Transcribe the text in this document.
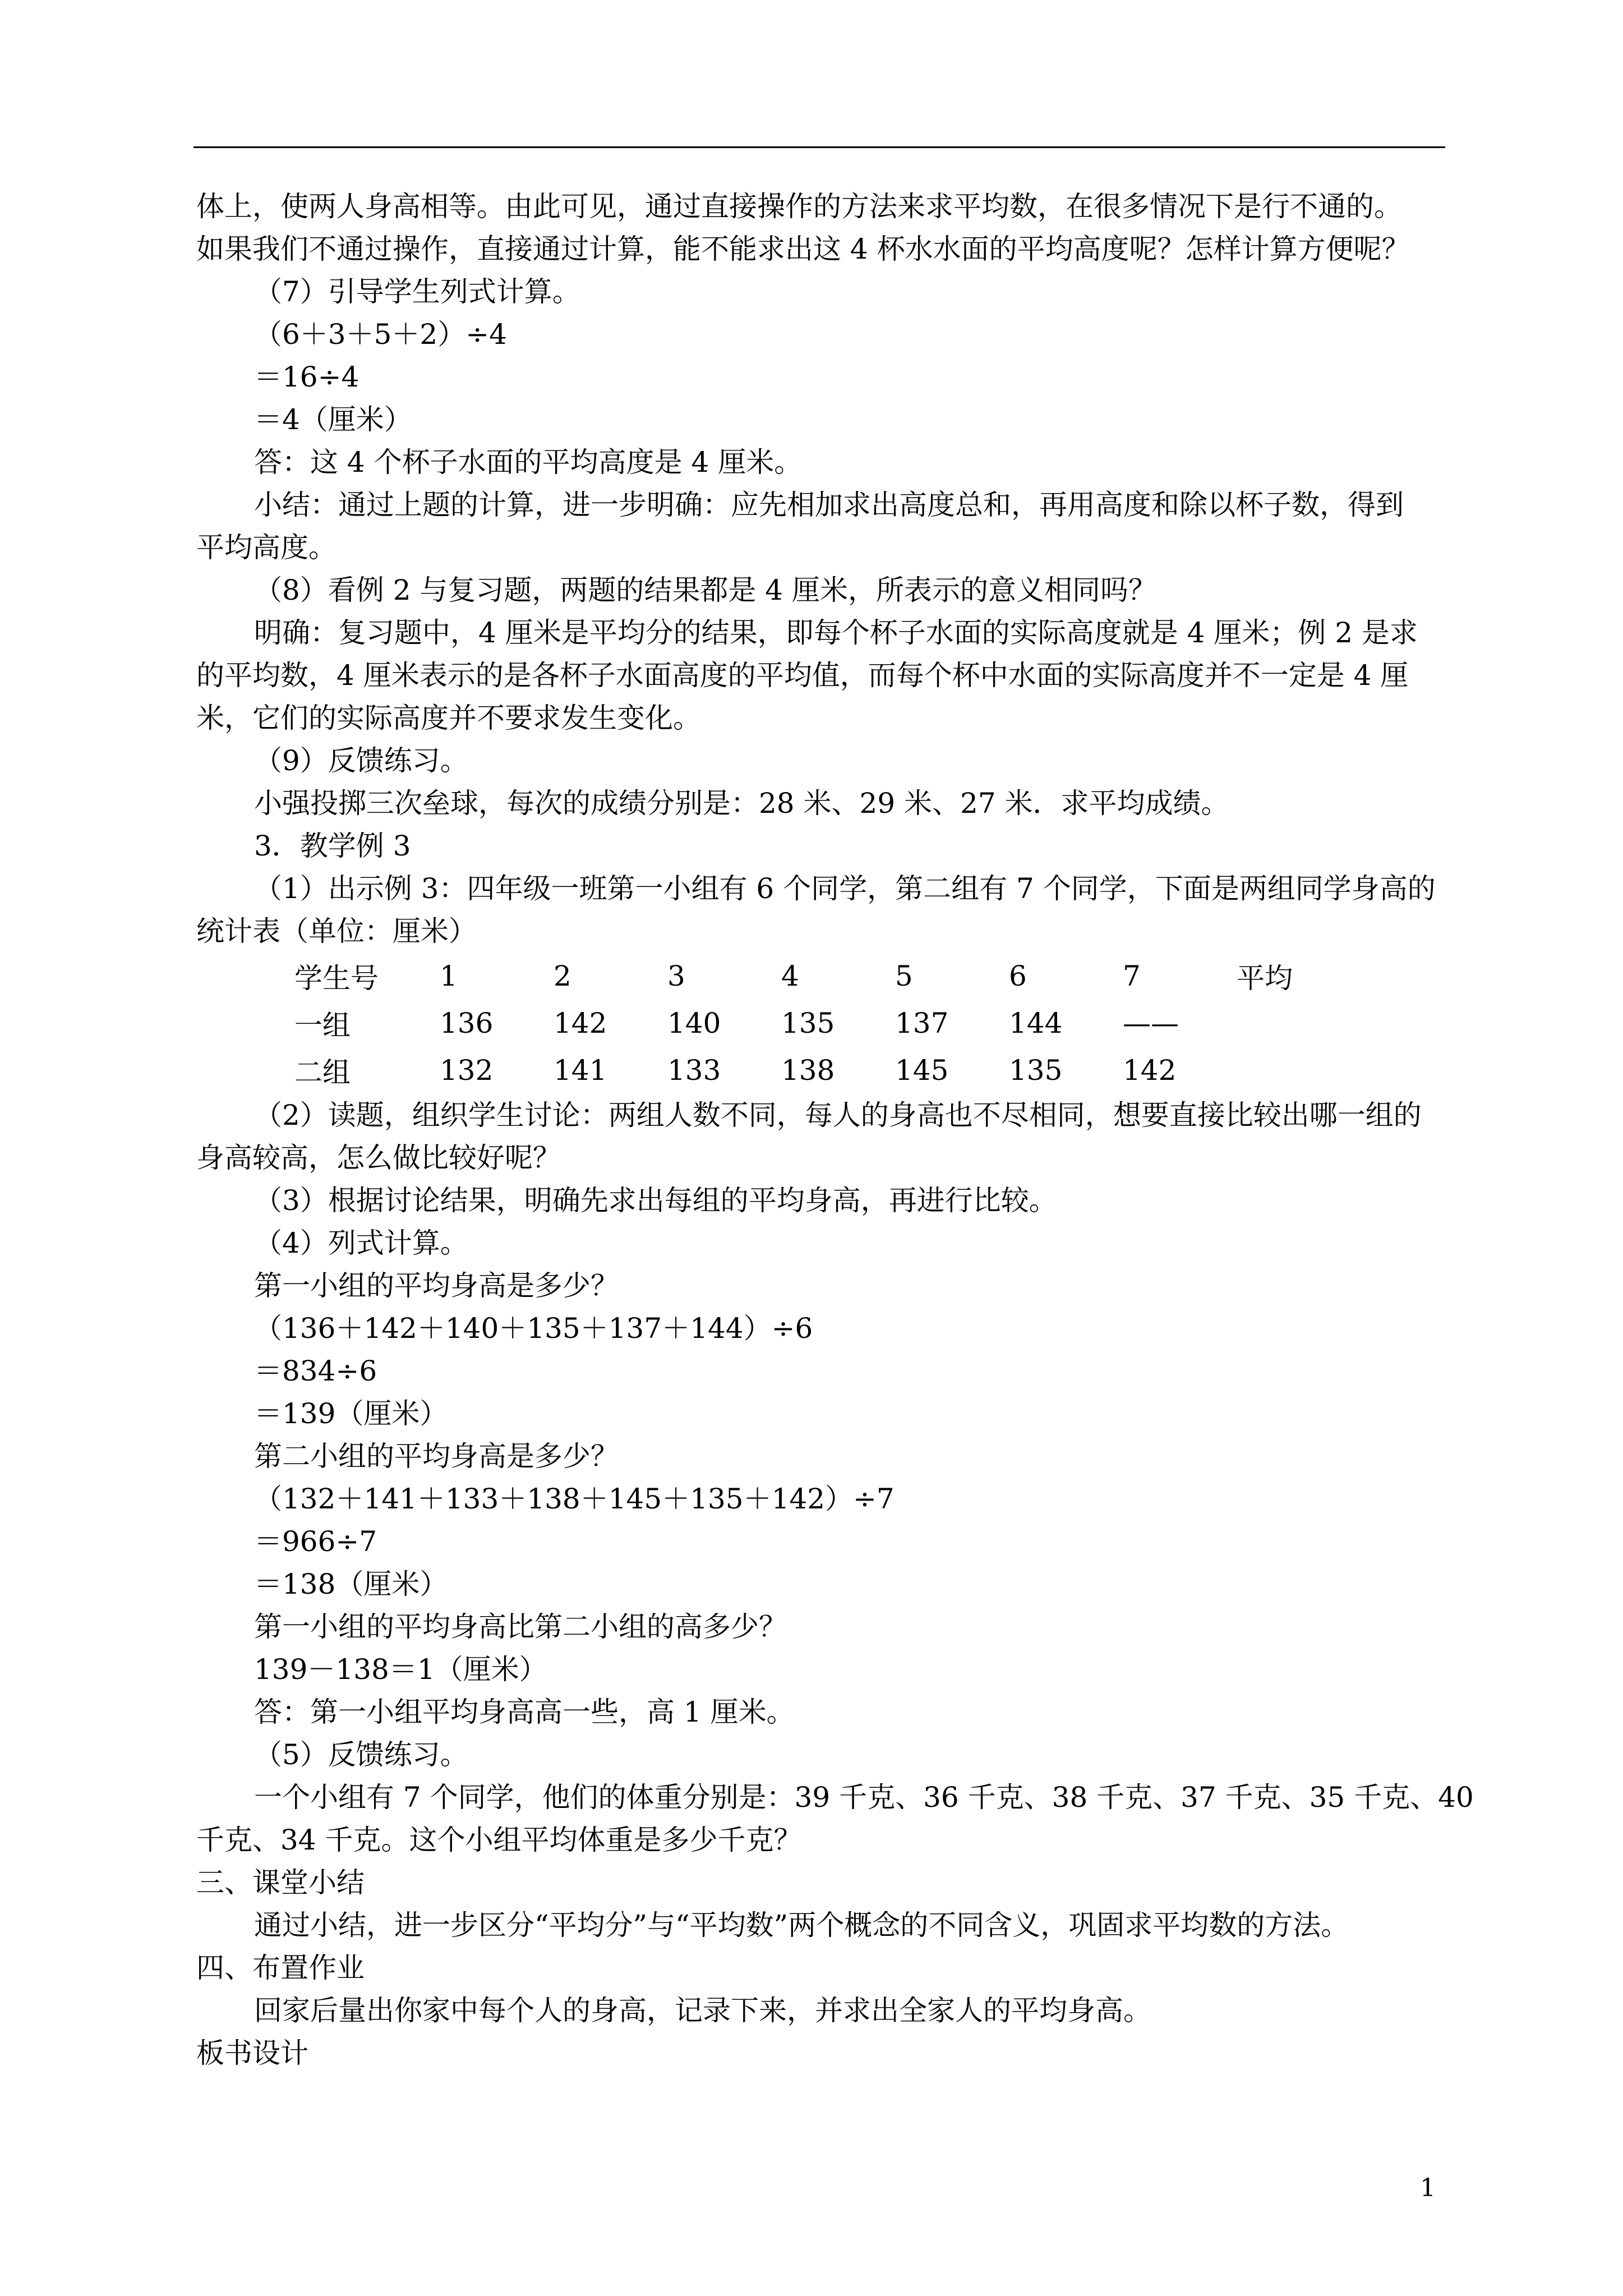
体上，使两人身高相等。由此可见，通过直接操作的方法来求平均数，在很多情况下是行不通的。
如果我们不通过操作，直接通过计算，能不能求出这 4 杯水水面的平均高度呢？怎样计算方便呢？
（7）引导学生列式计算。
（6＋3＋5＋2）÷4
＝16÷4
＝4（厘米）
答：这 4 个杯子水面的平均高度是 4 厘米。
小结：通过上题的计算，进一步明确：应先相加求出高度总和，再用高度和除以杯子数，得到
平均高度。
（8）看例 2 与复习题，两题的结果都是 4 厘米，所表示的意义相同吗？
明确：复习题中，4 厘米是平均分的结果，即每个杯子水面的实际高度就是 4 厘米；例 2 是求
的平均数，4 厘米表示的是各杯子水面高度的平均值，而每个杯中水面的实际高度并不一定是 4 厘
米，它们的实际高度并不要求发生变化。
（9）反馈练习。
小强投掷三次垒球，每次的成绩分别是：28 米、29 米、27 米．求平均成绩。
3．教学例 3
（1）出示例 3：四年级一班第一小组有 6 个同学，第二组有 7 个同学，下面是两组同学身高的
统计表（单位：厘米）
学生号	1	2	3	4	5	6	7	平均
一组	136	142	140	135	137	144	——	
二组	132	141	133	138	145	135	142	
（2）读题，组织学生讨论：两组人数不同，每人的身高也不尽相同，想要直接比较出哪一组的
身高较高，怎么做比较好呢？
（3）根据讨论结果，明确先求出每组的平均身高，再进行比较。
（4）列式计算。
第一小组的平均身高是多少？
（136＋142＋140＋135＋137＋144）÷6
＝834÷6
＝139（厘米）
第二小组的平均身高是多少？
（132＋141＋133＋138＋145＋135＋142）÷7
＝966÷7
＝138（厘米）
第一小组的平均身高比第二小组的高多少？
139－138＝1（厘米）
答：第一小组平均身高高一些，高 1 厘米。
（5）反馈练习。
一个小组有 7 个同学，他们的体重分别是：39 千克、36 千克、38 千克、37 千克、35 千克、40
千克、34 千克。这个小组平均体重是多少千克？
三、课堂小结
通过小结，进一步区分“平均分”与“平均数”两个概念的不同含义，巩固求平均数的方法。
四、布置作业
回家后量出你家中每个人的身高，记录下来，并求出全家人的平均身高。
板书设计
1
